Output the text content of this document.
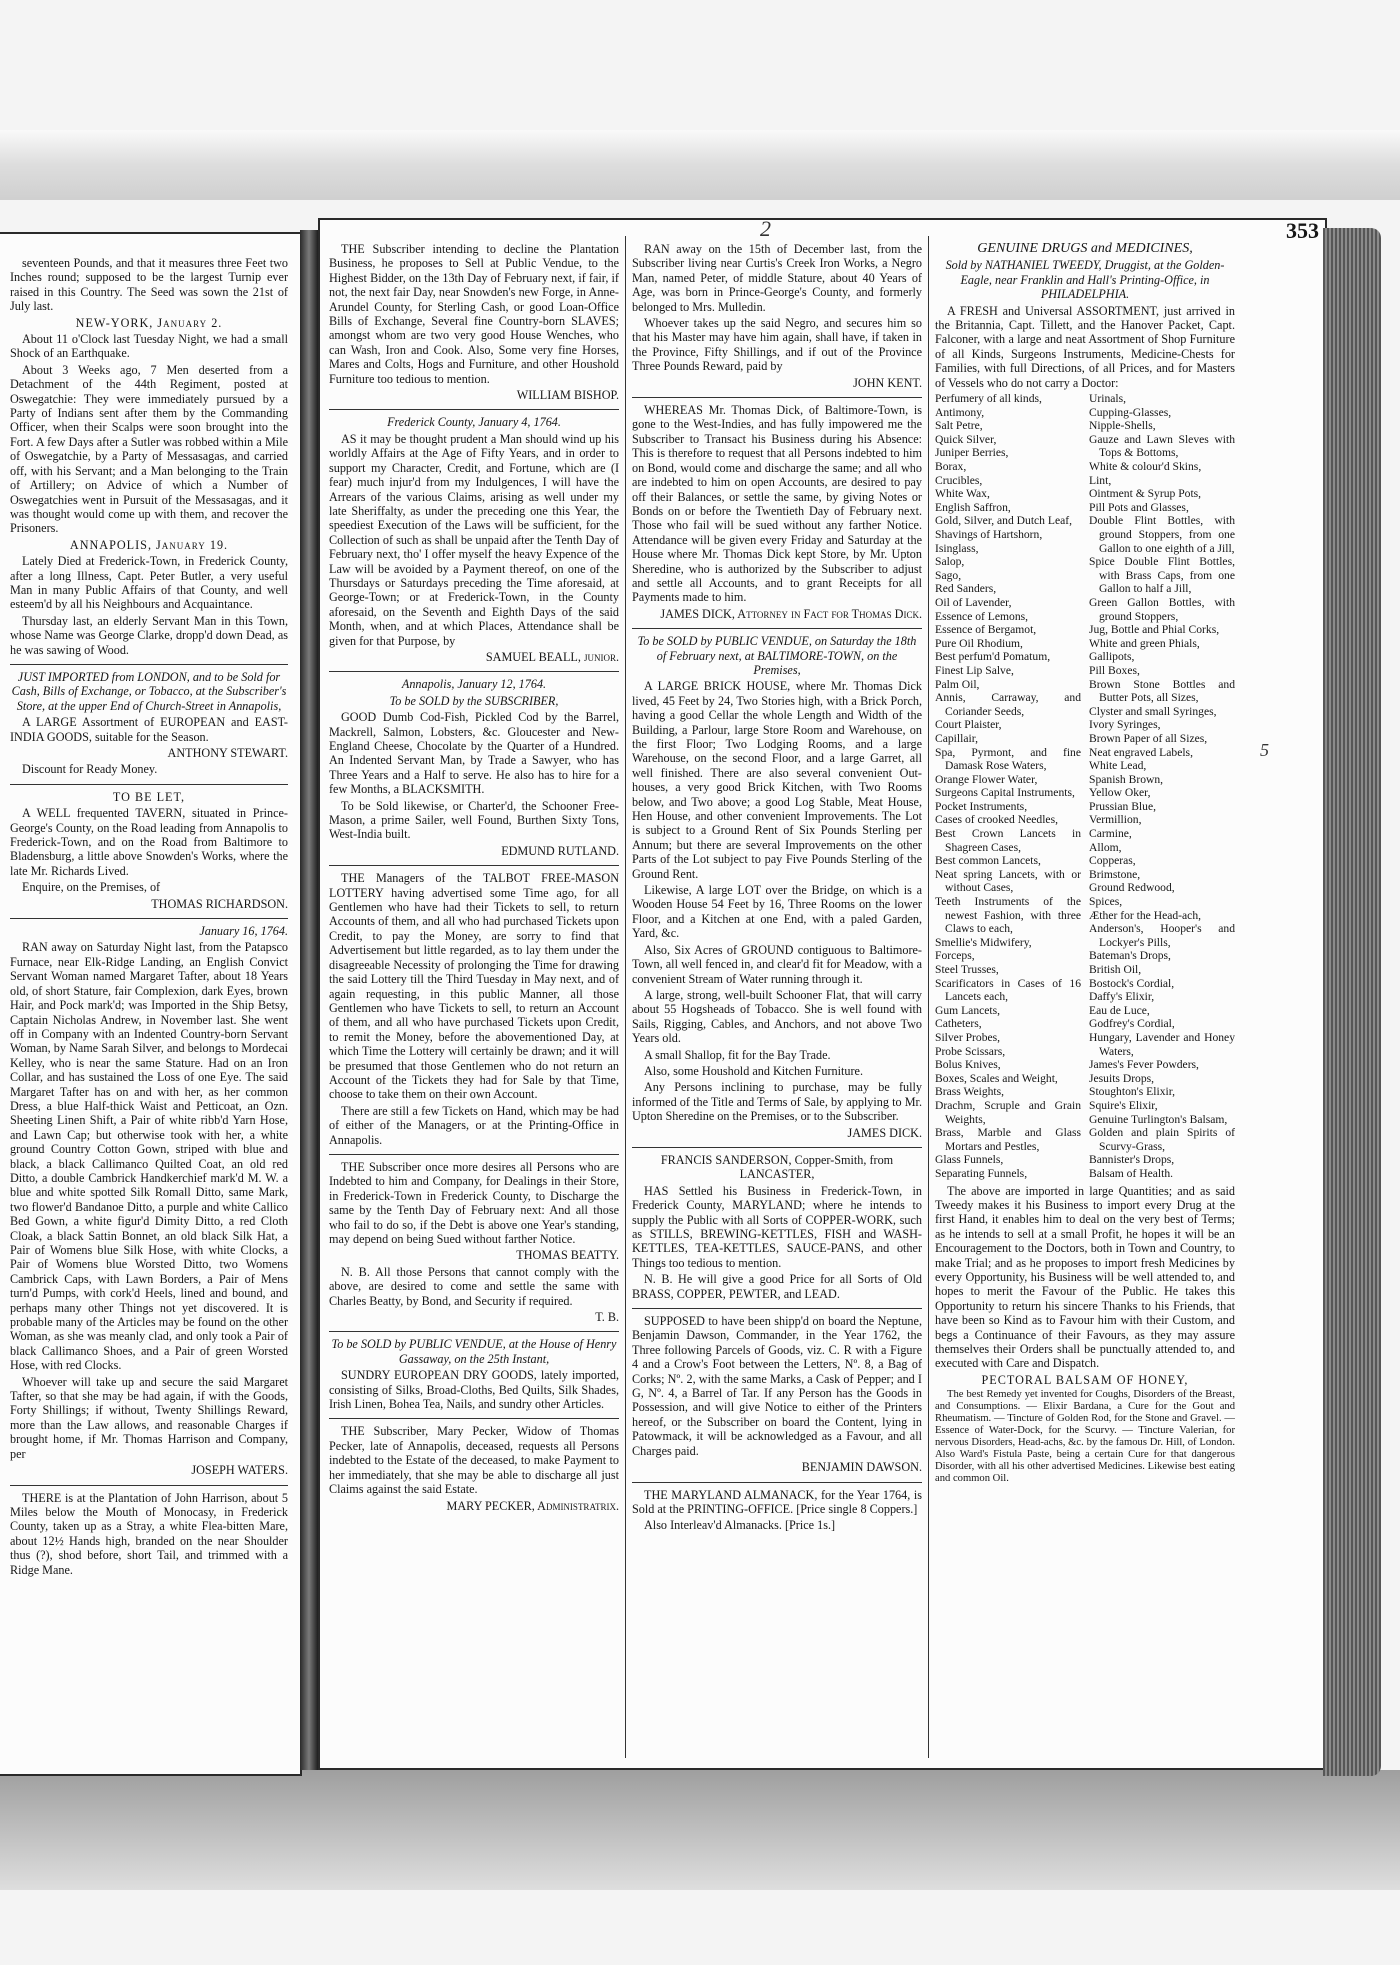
seventeen Pounds, and that it measures three Feet two Inches round; supposed to be the largest Turnip ever raised in this Country. The Seed was sown the 21st of July last.

NEW-YORK, January 2.

About 11 o'Clock last Tuesday Night, we had a small Shock of an Earthquake.

About 3 Weeks ago, 7 Men deserted from a Detachment of the 44th Regiment, posted at Oswegatchie: They were immediately pursued by a Party of Indians sent after them by the Commanding Officer, when their Scalps were soon brought into the Fort. A few Days after a Sutler was robbed within a Mile of Oswegatchie, by a Party of Messasagas, and carried off, with his Servant; and a Man belonging to the Train of Artillery; on Advice of which a Number of Oswegatchies went in Pursuit of the Messasagas, and it was thought would come up with them, and recover the Prisoners.

ANNAPOLIS, January 19.

Lately Died at Frederick-Town, in Frederick County, after a long Illness, Capt. Peter Butler, a very useful Man in many Public Affairs of that County, and well esteem'd by all his Neighbours and Acquaintance.

Thursday last, an elderly Servant Man in this Town, whose Name was George Clarke, dropp'd down Dead, as he was sawing of Wood.

JUST IMPORTED from LONDON, and to be Sold for Cash, Bills of Exchange, or Tobacco, at the Subscriber's Store, at the upper End of Church-Street in Annapolis,

A LARGE Assortment of EUROPEAN and EAST-INDIA GOODS, suitable for the Season.

ANTHONY STEWART.

Discount for Ready Money.

TO BE LET,

A WELL frequented TAVERN, situated in Prince-George's County, on the Road leading from Annapolis to Frederick-Town, and on the Road from Baltimore to Bladensburg, a little above Snowden's Works, where the late Mr. Richards Lived.

Enquire, on the Premises, of

THOMAS RICHARDSON.

January 16, 1764.

RAN away on Saturday Night last, from the Patapsco Furnace, near Elk-Ridge Landing, an English Convict Servant Woman named Margaret Tafter, about 18 Years old, of short Stature, fair Complexion, dark Eyes, brown Hair, and Pock mark'd; was Imported in the Ship Betsy, Captain Nicholas Andrew, in November last. She went off in Company with an Indented Country-born Servant Woman, by Name Sarah Silver, and belongs to Mordecai Kelley, who is near the same Stature. Had on an Iron Collar, and has sustained the Loss of one Eye. The said Margaret Tafter has on and with her, as her common Dress, a blue Half-thick Waist and Petticoat, an Ozn. Sheeting Linen Shift, a Pair of white ribb'd Yarn Hose, and Lawn Cap; but otherwise took with her, a white ground Country Cotton Gown, striped with blue and black, a black Callimanco Quilted Coat, an old red Ditto, a double Cambrick Handkerchief mark'd M. W. a blue and white spotted Silk Romall Ditto, same Mark, two flower'd Bandanoe Ditto, a purple and white Callico Bed Gown, a white figur'd Dimity Ditto, a red Cloth Cloak, a black Sattin Bonnet, an old black Silk Hat, a Pair of Womens blue Silk Hose, with white Clocks, a Pair of Womens blue Worsted Ditto, two Womens Cambrick Caps, with Lawn Borders, a Pair of Mens turn'd Pumps, with cork'd Heels, lined and bound, and perhaps many other Things not yet discovered. It is probable many of the Articles may be found on the other Woman, as she was meanly clad, and only took a Pair of black Callimanco Shoes, and a Pair of green Worsted Hose, with red Clocks.

Whoever will take up and secure the said Margaret Tafter, so that she may be had again, if with the Goods, Forty Shillings; if without, Twenty Shillings Reward, more than the Law allows, and reasonable Charges if brought home, if Mr. Thomas Harrison and Company, per

JOSEPH WATERS.

THERE is at the Plantation of John Harrison, about 5 Miles below the Mouth of Monocasy, in Frederick County, taken up as a Stray, a white Flea-bitten Mare, about 12½ Hands high, branded on the near Shoulder thus (?), shod before, short Tail, and trimmed with a Ridge Mane.

2	353

THE Subscriber intending to decline the Plantation Business, he proposes to Sell at Public Vendue, to the Highest Bidder, on the 13th Day of February next, if fair, if not, the next fair Day, near Snowden's new Forge, in Anne-Arundel County, for Sterling Cash, or good Loan-Office Bills of Exchange, Several fine Country-born SLAVES; amongst whom are two very good House Wenches, who can Wash, Iron and Cook. Also, Some very fine Horses, Mares and Colts, Hogs and Furniture, and other Houshold Furniture too tedious to mention.

WILLIAM BISHOP.

Frederick County, January 4, 1764.

AS it may be thought prudent a Man should wind up his worldly Affairs at the Age of Fifty Years, and in order to support my Character, Credit, and Fortune, which are (I fear) much injur'd from my Indulgences, I will have the Arrears of the various Claims, arising as well under my late Sheriffalty, as under the preceding one this Year, the speediest Execution of the Laws will be sufficient, for the Collection of such as shall be unpaid after the Tenth Day of February next, tho' I offer myself the heavy Expence of the Law will be avoided by a Payment thereof, on one of the Thursdays or Saturdays preceding the Time aforesaid, at George-Town; or at Frederick-Town, in the County aforesaid, on the Seventh and Eighth Days of the said Month, when, and at which Places, Attendance shall be given for that Purpose, by

SAMUEL BEALL, junior.

Annapolis, January 12, 1764.

To be SOLD by the SUBSCRIBER,

GOOD Dumb Cod-Fish, Pickled Cod by the Barrel, Mackrell, Salmon, Lobsters, &c. Gloucester and New-England Cheese, Chocolate by the Quarter of a Hundred. An Indented Servant Man, by Trade a Sawyer, who has Three Years and a Half to serve. He also has to hire for a few Months, a BLACKSMITH.

To be Sold likewise, or Charter'd, the Schooner Free-Mason, a prime Sailer, well Found, Burthen Sixty Tons, West-India built.

EDMUND RUTLAND.

THE Managers of the TALBOT FREE-MASON LOTTERY having advertised some Time ago, for all Gentlemen who have had their Tickets to sell, to return Accounts of them, and all who had purchased Tickets upon Credit, to pay the Money, are sorry to find that Advertisement but little regarded, as to lay them under the disagreeable Necessity of prolonging the Time for drawing the said Lottery till the Third Tuesday in May next, and of again requesting, in this public Manner, all those Gentlemen who have Tickets to sell, to return an Account of them, and all who have purchased Tickets upon Credit, to remit the Money, before the abovementioned Day, at which Time the Lottery will certainly be drawn; and it will be presumed that those Gentlemen who do not return an Account of the Tickets they had for Sale by that Time, choose to take them on their own Account.

There are still a few Tickets on Hand, which may be had of either of the Managers, or at the Printing-Office in Annapolis.

THE Subscriber once more desires all Persons who are Indebted to him and Company, for Dealings in their Store, in Frederick-Town in Frederick County, to Discharge the same by the Tenth Day of February next: And all those who fail to do so, if the Debt is above one Year's standing, may depend on being Sued without farther Notice.

THOMAS BEATTY.

N. B. All those Persons that cannot comply with the above, are desired to come and settle the same with Charles Beatty, by Bond, and Security if required.

T. B.

To be SOLD by PUBLIC VENDUE, at the House of Henry Gassaway, on the 25th Instant,

SUNDRY EUROPEAN DRY GOODS, lately imported, consisting of Silks, Broad-Cloths, Bed Quilts, Silk Shades, Irish Linen, Bohea Tea, Nails, and sundry other Articles.

THE Subscriber, Mary Pecker, Widow of Thomas Pecker, late of Annapolis, deceased, requests all Persons indebted to the Estate of the deceased, to make Payment to her immediately, that she may be able to discharge all just Claims against the said Estate.

MARY PECKER, Administratrix.

RAN away on the 15th of December last, from the Subscriber living near Curtis's Creek Iron Works, a Negro Man, named Peter, of middle Stature, about 40 Years of Age, was born in Prince-George's County, and formerly belonged to Mrs. Mulledin.

Whoever takes up the said Negro, and secures him so that his Master may have him again, shall have, if taken in the Province, Fifty Shillings, and if out of the Province Three Pounds Reward, paid by

JOHN KENT.

WHEREAS Mr. Thomas Dick, of Baltimore-Town, is gone to the West-Indies, and has fully impowered me the Subscriber to Transact his Business during his Absence: This is therefore to request that all Persons indebted to him on Bond, would come and discharge the same; and all who are indebted to him on open Accounts, are desired to pay off their Balances, or settle the same, by giving Notes or Bonds on or before the Twentieth Day of February next. Those who fail will be sued without any farther Notice. Attendance will be given every Friday and Saturday at the House where Mr. Thomas Dick kept Store, by Mr. Upton Sheredine, who is authorized by the Subscriber to adjust and settle all Accounts, and to grant Receipts for all Payments made to him.

JAMES DICK, Attorney in Fact for Thomas Dick.

To be SOLD by PUBLIC VENDUE, on Saturday the 18th of February next, at BALTIMORE-TOWN, on the Premises,

A LARGE BRICK HOUSE, where Mr. Thomas Dick lived, 45 Feet by 24, Two Stories high, with a Brick Porch, having a good Cellar the whole Length and Width of the Building, a Parlour, large Store Room and Warehouse, on the first Floor; Two Lodging Rooms, and a large Warehouse, on the second Floor, and a large Garret, all well finished. There are also several convenient Out-houses, a very good Brick Kitchen, with Two Rooms below, and Two above; a good Log Stable, Meat House, Hen House, and other convenient Improvements. The Lot is subject to a Ground Rent of Six Pounds Sterling per Annum; but there are several Improvements on the other Parts of the Lot subject to pay Five Pounds Sterling of the Ground Rent.

Likewise, A large LOT over the Bridge, on which is a Wooden House 54 Feet by 16, Three Rooms on the lower Floor, and a Kitchen at one End, with a paled Garden, Yard, &c.

Also, Six Acres of GROUND contiguous to Baltimore-Town, all well fenced in, and clear'd fit for Meadow, with a convenient Stream of Water running through it.

A large, strong, well-built Schooner Flat, that will carry about 55 Hogsheads of Tobacco. She is well found with Sails, Rigging, Cables, and Anchors, and not above Two Years old.

A small Shallop, fit for the Bay Trade.

Also, some Houshold and Kitchen Furniture.

Any Persons inclining to purchase, may be fully informed of the Title and Terms of Sale, by applying to Mr. Upton Sheredine on the Premises, or to the Subscriber.

JAMES DICK.

FRANCIS SANDERSON, Copper-Smith, from LANCASTER,

HAS Settled his Business in Frederick-Town, in Frederick County, MARYLAND; where he intends to supply the Public with all Sorts of COPPER-WORK, such as STILLS, BREWING-KETTLES, FISH and WASH-KETTLES, TEA-KETTLES, SAUCE-PANS, and other Things too tedious to mention.

N. B. He will give a good Price for all Sorts of Old BRASS, COPPER, PEWTER, and LEAD.

SUPPOSED to have been shipp'd on board the Neptune, Benjamin Dawson, Commander, in the Year 1762, the Three following Parcels of Goods, viz. C. R with a Figure 4 and a Crow's Foot between the Letters, Nº. 8, a Bag of Corks; Nº. 2, with the same Marks, a Cask of Pepper; and I G, Nº. 4, a Barrel of Tar. If any Person has the Goods in Possession, and will give Notice to either of the Printers hereof, or the Subscriber on board the Content, lying in Patowmack, it will be acknowledged as a Favour, and all Charges paid.

BENJAMIN DAWSON.

THE MARYLAND ALMANACK, for the Year 1764, is Sold at the PRINTING-OFFICE. [Price single 8 Coppers.]

Also Interleav'd Almanacks. [Price 1s.]

GENUINE DRUGS and MEDICINES,

Sold by NATHANIEL TWEEDY, Druggist, at the Golden-Eagle, near Franklin and Hall's Printing-Office, in PHILADELPHIA.

A FRESH and Universal ASSORTMENT, just arrived in the Britannia, Capt. Tillett, and the Hanover Packet, Capt. Falconer, with a large and neat Assortment of Shop Furniture of all Kinds, Surgeons Instruments, Medicine-Chests for Families, with full Directions, of all Prices, and for Masters of Vessels who do not carry a Doctor:

Perfumery of all kinds,
Antimony,
Salt Petre,
Quick Silver,
Juniper Berries,
Borax,
Crucibles,
White Wax,
English Saffron,
Gold, Silver, and Dutch Leaf,
Shavings of Hartshorn,
Isinglass,
Salop,
Sago,
Red Sanders,
Oil of Lavender,
Essence of Lemons,
Essence of Bergamot,
Pure Oil Rhodium,
Best perfum'd Pomatum,
Finest Lip Salve,
Palm Oil,
Annis, Carraway, and Coriander Seeds,
Court Plaister,
Capillair,
Spa, Pyrmont, and fine Damask Rose Waters,
Orange Flower Water,
Surgeons Capital Instruments,
Pocket Instruments,
Cases of crooked Needles,
Best Crown Lancets in Shagreen Cases,
Best common Lancets,
Neat spring Lancets, with or without Cases,
Teeth Instruments of the newest Fashion, with three Claws to each,
Smellie's Midwifery,
Forceps,
Steel Trusses,
Scarificators in Cases of 16 Lancets each,
Gum Lancets,
Catheters,
Silver Probes,
Probe Scissars,
Bolus Knives,
Boxes, Scales and Weight,
Brass Weights,
Drachm, Scruple and Grain Weights,
Brass, Marble and Glass Mortars and Pestles,
Glass Funnels,
Separating Funnels,
Urinals,
Cupping-Glasses,
Nipple-Shells,
Gauze and Lawn Sleves with Tops & Bottoms,
White & colour'd Skins,
Lint,
Ointment & Syrup Pots,
Pill Pots and Glasses,
Double Flint Bottles, with ground Stoppers, from one Gallon to one eighth of a Jill,
Spice Double Flint Bottles, with Brass Caps, from one Gallon to half a Jill,
Green Gallon Bottles, with ground Stoppers,
Jug, Bottle and Phial Corks,
White and green Phials,
Gallipots,
Pill Boxes,
Brown Stone Bottles and Butter Pots, all Sizes,
Clyster and small Syringes,
Ivory Syringes,
Brown Paper of all Sizes,
Neat engraved Labels,
White Lead,
Spanish Brown,
Yellow Oker,
Prussian Blue,
Vermillion,
Carmine,
Allom,
Copperas,
Brimstone,
Ground Redwood,
Spices,
Æther for the Head-ach,
Anderson's, Hooper's and Lockyer's Pills,
Bateman's Drops,
British Oil,
Bostock's Cordial,
Daffy's Elixir,
Eau de Luce,
Godfrey's Cordial,
Hungary, Lavender and Honey Waters,
James's Fever Powders,
Jesuits Drops,
Stoughton's Elixir,
Squire's Elixir,
Genuine Turlington's Balsam,
Golden and plain Spirits of Scurvy-Grass,
Bannister's Drops,
Balsam of Health.

The above are imported in large Quantities; and as said Tweedy makes it his Business to import every Drug at the first Hand, it enables him to deal on the very best of Terms; as he intends to sell at a small Profit, he hopes it will be an Encouragement to the Doctors, both in Town and Country, to make Trial; and as he proposes to import fresh Medicines by every Opportunity, his Business will be well attended to, and hopes to merit the Favour of the Public. He takes this Opportunity to return his sincere Thanks to his Friends, that have been so Kind as to Favour him with their Custom, and begs a Continuance of their Favours, as they may assure themselves their Orders shall be punctually attended to, and executed with Care and Dispatch.

PECTORAL BALSAM OF HONEY,

The best Remedy yet invented for Coughs, Disorders of the Breast, and Consumptions. — Elixir Bardana, a Cure for the Gout and Rheumatism. — Tincture of Golden Rod, for the Stone and Gravel. — Essence of Water-Dock, for the Scurvy. — Tincture Valerian, for nervous Disorders, Head-achs, &c. by the famous Dr. Hill, of London. Also Ward's Fistula Paste, being a certain Cure for that dangerous Disorder, with all his other advertised Medicines. Likewise best eating and common Oil.

5
